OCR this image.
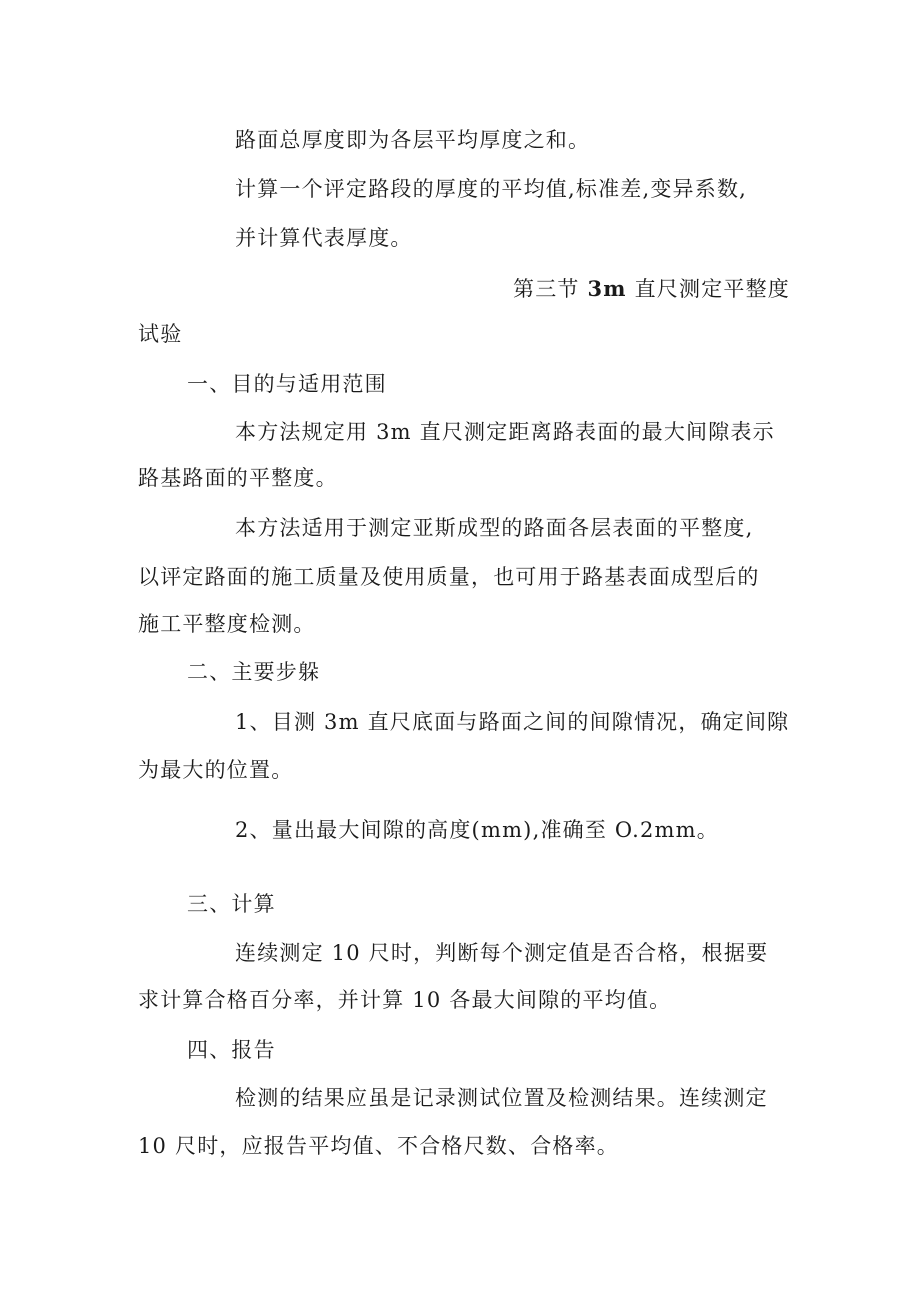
路面总厚度即为各层平均厚度之和。
计算一个评定路段的厚度的平均值,标准差,变异系数,
并计算代表厚度。
第三节 3m 直尺测定平整度
试验
一、目的与适用范围
本方法规定用 3m 直尺测定距离路表面的最大间隙表示
路基路面的平整度。
本方法适用于测定亚斯成型的路面各层表面的平整度,
以评定路面的施工质量及使用质量，也可用于路基表面成型后的
施工平整度检测。
二、主要步躲
1、目测 3m 直尺底面与路面之间的间隙情况，确定间隙
为最大的位置。
2、量出最大间隙的高度(mm),准确至 O.2mm。
三、计算
连续测定 10 尺时，判断每个测定值是否合格，根据要
求计算合格百分率，并计算 10 各最大间隙的平均值。
四、报告
检测的结果应虽是记录测试位置及检测结果。连续测定
10 尺时，应报告平均值、不合格尺数、合格率。
